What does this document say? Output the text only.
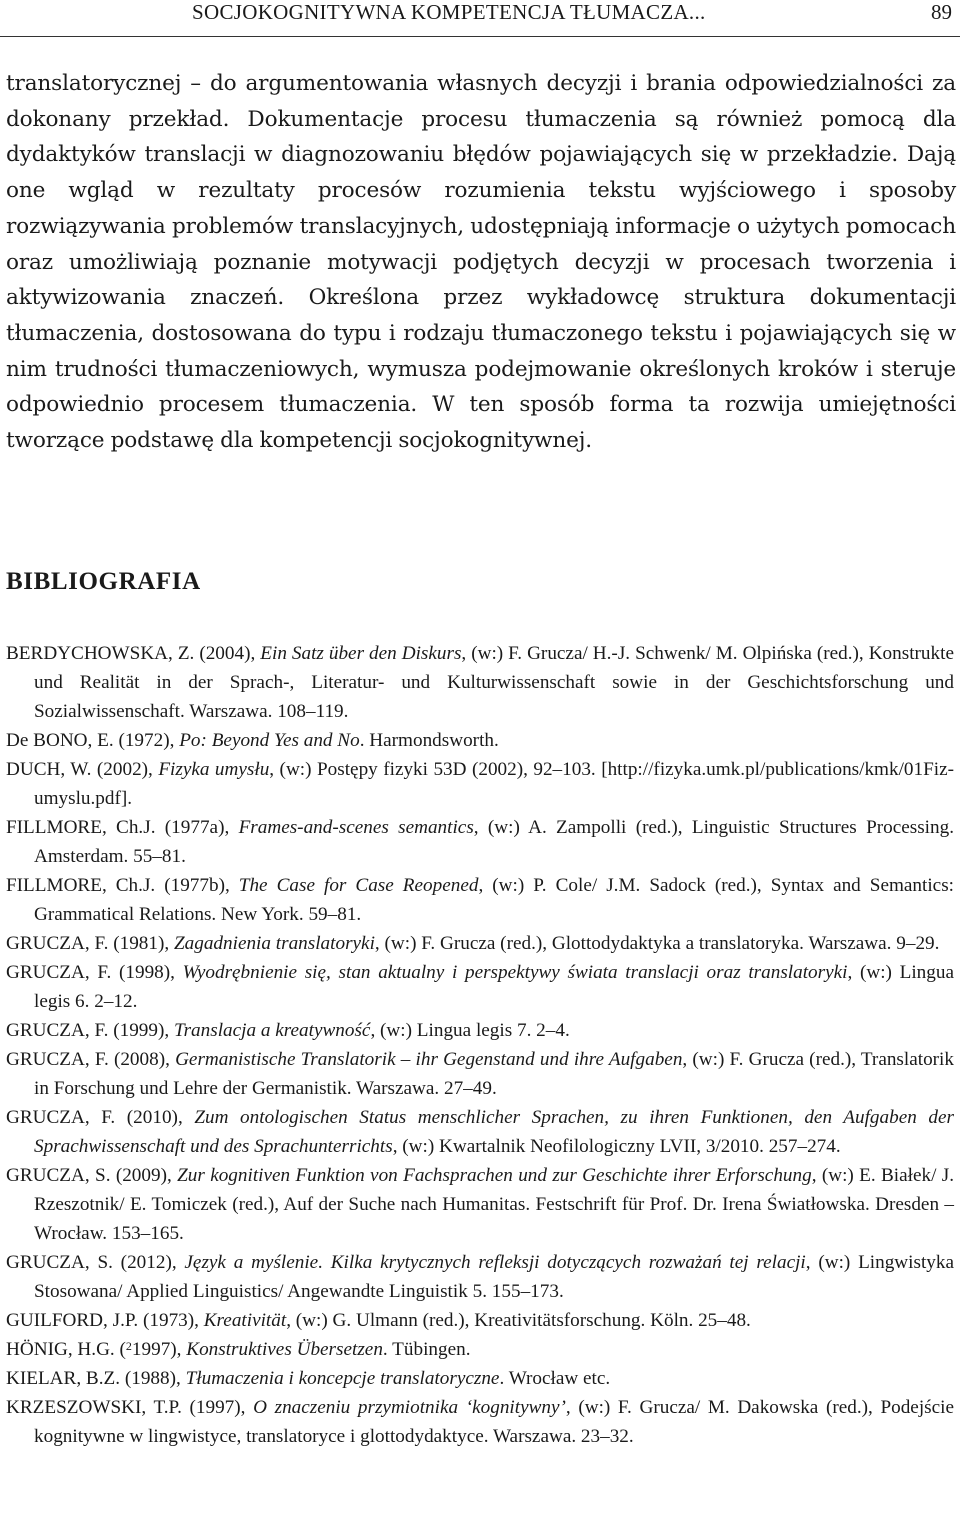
SOCJOKOGNITYWNA KOMPETENCJA TŁUMACZA...	89

translatorycznej – do argumentowania własnych decyzji i brania odpowiedzialności za dokonany przekład. Dokumentacje procesu tłumaczenia są również pomocą dla dydaktyków translacji w diagnozowaniu błędów pojawiających się w przekładzie. Dają one wgląd w rezultaty procesów rozumienia tekstu wyjściowego i sposoby rozwiązywania problemów translacyjnych, udostępniają informacje o użytych pomocach oraz umożliwiają poznanie motywacji podjętych decyzji w procesach tworzenia i aktywizowania znaczeń. Określona przez wykładowcę struktura dokumentacji tłumaczenia, dostosowana do typu i rodzaju tłumaczonego tekstu i pojawiających się w nim trudności tłumaczeniowych, wymusza podejmowanie określonych kroków i steruje odpowiednio procesem tłumaczenia. W ten sposób forma ta rozwija umiejętności tworzące podstawę dla kompetencji socjokognitywnej.

BIBLIOGRAFIA
BERDYCHOWSKA, Z. (2004), Ein Satz über den Diskurs, (w:) F. Grucza/ H.-J. Schwenk/ M. Olpińska (red.), Konstrukte und Realität in der Sprach-, Literatur- und Kulturwissenschaft sowie in der Geschichtsforschung und Sozialwissenschaft. Warszawa. 108–119.
De BONO, E. (1972), Po: Beyond Yes and No. Harmondsworth.
DUCH, W. (2002), Fizyka umysłu, (w:) Postępy fizyki 53D (2002), 92–103. [http://fizyka.umk.pl/publications/kmk/01Fiz-umyslu.pdf].
FILLMORE, Ch.J. (1977a), Frames-and-scenes semantics, (w:) A. Zampolli (red.), Linguistic Structures Processing. Amsterdam. 55–81.
FILLMORE, Ch.J. (1977b), The Case for Case Reopened, (w:) P. Cole/ J.M. Sadock (red.), Syntax and Semantics: Grammatical Relations. New York. 59–81.
GRUCZA, F. (1981), Zagadnienia translatoryki, (w:) F. Grucza (red.), Glottodydaktyka a translatoryka. Warszawa. 9–29.
GRUCZA, F. (1998), Wyodrębnienie się, stan aktualny i perspektywy świata translacji oraz translatoryki, (w:) Lingua legis 6. 2–12.
GRUCZA, F. (1999), Translacja a kreatywność, (w:) Lingua legis 7. 2–4.
GRUCZA, F. (2008), Germanistische Translatorik – ihr Gegenstand und ihre Aufgaben, (w:) F. Grucza (red.), Translatorik in Forschung und Lehre der Germanistik. Warszawa. 27–49.
GRUCZA, F. (2010), Zum ontologischen Status menschlicher Sprachen, zu ihren Funktionen, den Aufgaben der Sprachwissenschaft und des Sprachunterrichts, (w:) Kwartalnik Neofilologiczny LVII, 3/2010. 257–274.
GRUCZA, S. (2009), Zur kognitiven Funktion von Fachsprachen und zur Geschichte ihrer Erforschung, (w:) E. Białek/ J. Rzeszotnik/ E. Tomiczek (red.), Auf der Suche nach Humanitas. Festschrift für Prof. Dr. Irena Światłowska. Dresden – Wrocław. 153–165.
GRUCZA, S. (2012), Język a myślenie. Kilka krytycznych refleksji dotyczących rozważań tej relacji, (w:) Lingwistyka Stosowana/ Applied Linguistics/ Angewandte Linguistik 5. 155–173.
GUILFORD, J.P. (1973), Kreativität, (w:) G. Ulmann (red.), Kreativitätsforschung. Köln. 25–48.
HÖNIG, H.G. ($^2$1997), Konstruktives Übersetzen. Tübingen.
KIELAR, B.Z. (1988), Tłumaczenia i koncepcje translatoryczne. Wrocław etc.
KRZESZOWSKI, T.P. (1997), O znaczeniu przymiotnika ‘kognitywny’, (w:) F. Grucza/ M. Dakowska (red.), Podejście kognitywne w lingwistyce, translatoryce i glottodydaktyce. Warszawa. 23–32.
